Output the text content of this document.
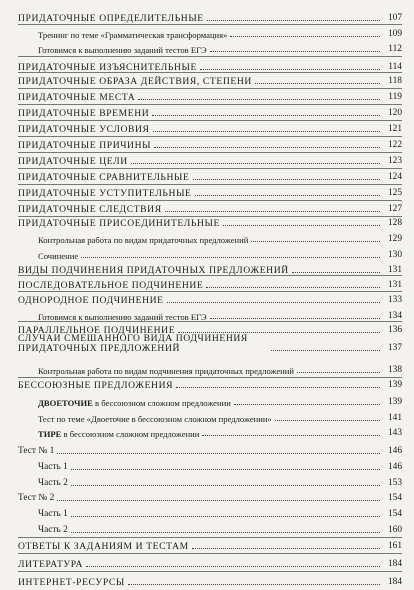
ПРИДАТОЧНЫЕ ОПРЕДЕЛИТЕЛЬНЫЕ	107
Тренинг по теме «Грамматическая трансформация»	109
Готовимся к выполнению заданий тестов ЕГЭ	112
ПРИДАТОЧНЫЕ ИЗЪЯСНИТЕЛЬНЫЕ	114
ПРИДАТОЧНЫЕ ОБРАЗА ДЕЙСТВИЯ, СТЕПЕНИ	118
ПРИДАТОЧНЫЕ МЕСТА	119
ПРИДАТОЧНЫЕ ВРЕМЕНИ	120
ПРИДАТОЧНЫЕ УСЛОВИЯ	121
ПРИДАТОЧНЫЕ ПРИЧИНЫ	122
ПРИДАТОЧНЫЕ ЦЕЛИ	123
ПРИДАТОЧНЫЕ СРАВНИТЕЛЬНЫЕ	124
ПРИДАТОЧНЫЕ УСТУПИТЕЛЬНЫЕ	125
ПРИДАТОЧНЫЕ СЛЕДСТВИЯ	127
ПРИДАТОЧНЫЕ ПРИСОЕДИНИТЕЛЬНЫЕ	128
Контрольная работа по видам придаточных предложений	129
Сочинение	130
ВИДЫ ПОДЧИНЕНИЯ ПРИДАТОЧНЫХ ПРЕДЛОЖЕНИЙ	131
ПОСЛЕДОВАТЕЛЬНОЕ ПОДЧИНЕНИЕ	131
ОДНОРОДНОЕ ПОДЧИНЕНИЕ	133
Готовимся к выполнению заданий тестов ЕГЭ	134
ПАРАЛЛЕЛЬНОЕ ПОДЧИНЕНИЕ	136
СЛУЧАИ СМЕШАННОГО ВИДА ПОДЧИНЕНИЯ ПРИДАТОЧНЫХ ПРЕДЛОЖЕНИЙ	137
Контрольная работа по видам подчинения придаточных предложений	138
БЕССОЮЗНЫЕ ПРЕДЛОЖЕНИЯ	139
ДВОЕТОЧИЕ в бессоюзном сложном предложении	139
Тест по теме «Двоеточие в бессоюзном сложном предложении»	141
ТИРЕ в бессоюзном сложном предложении	143
Тест № 1	146
Часть 1	146
Часть 2	153
Тест № 2	154
Часть 1	154
Часть 2	160
ОТВЕТЫ К ЗАДАНИЯМ И ТЕСТАМ	161
ЛИТЕРАТУРА	184
ИНТЕРНЕТ-РЕСУРСЫ	184
